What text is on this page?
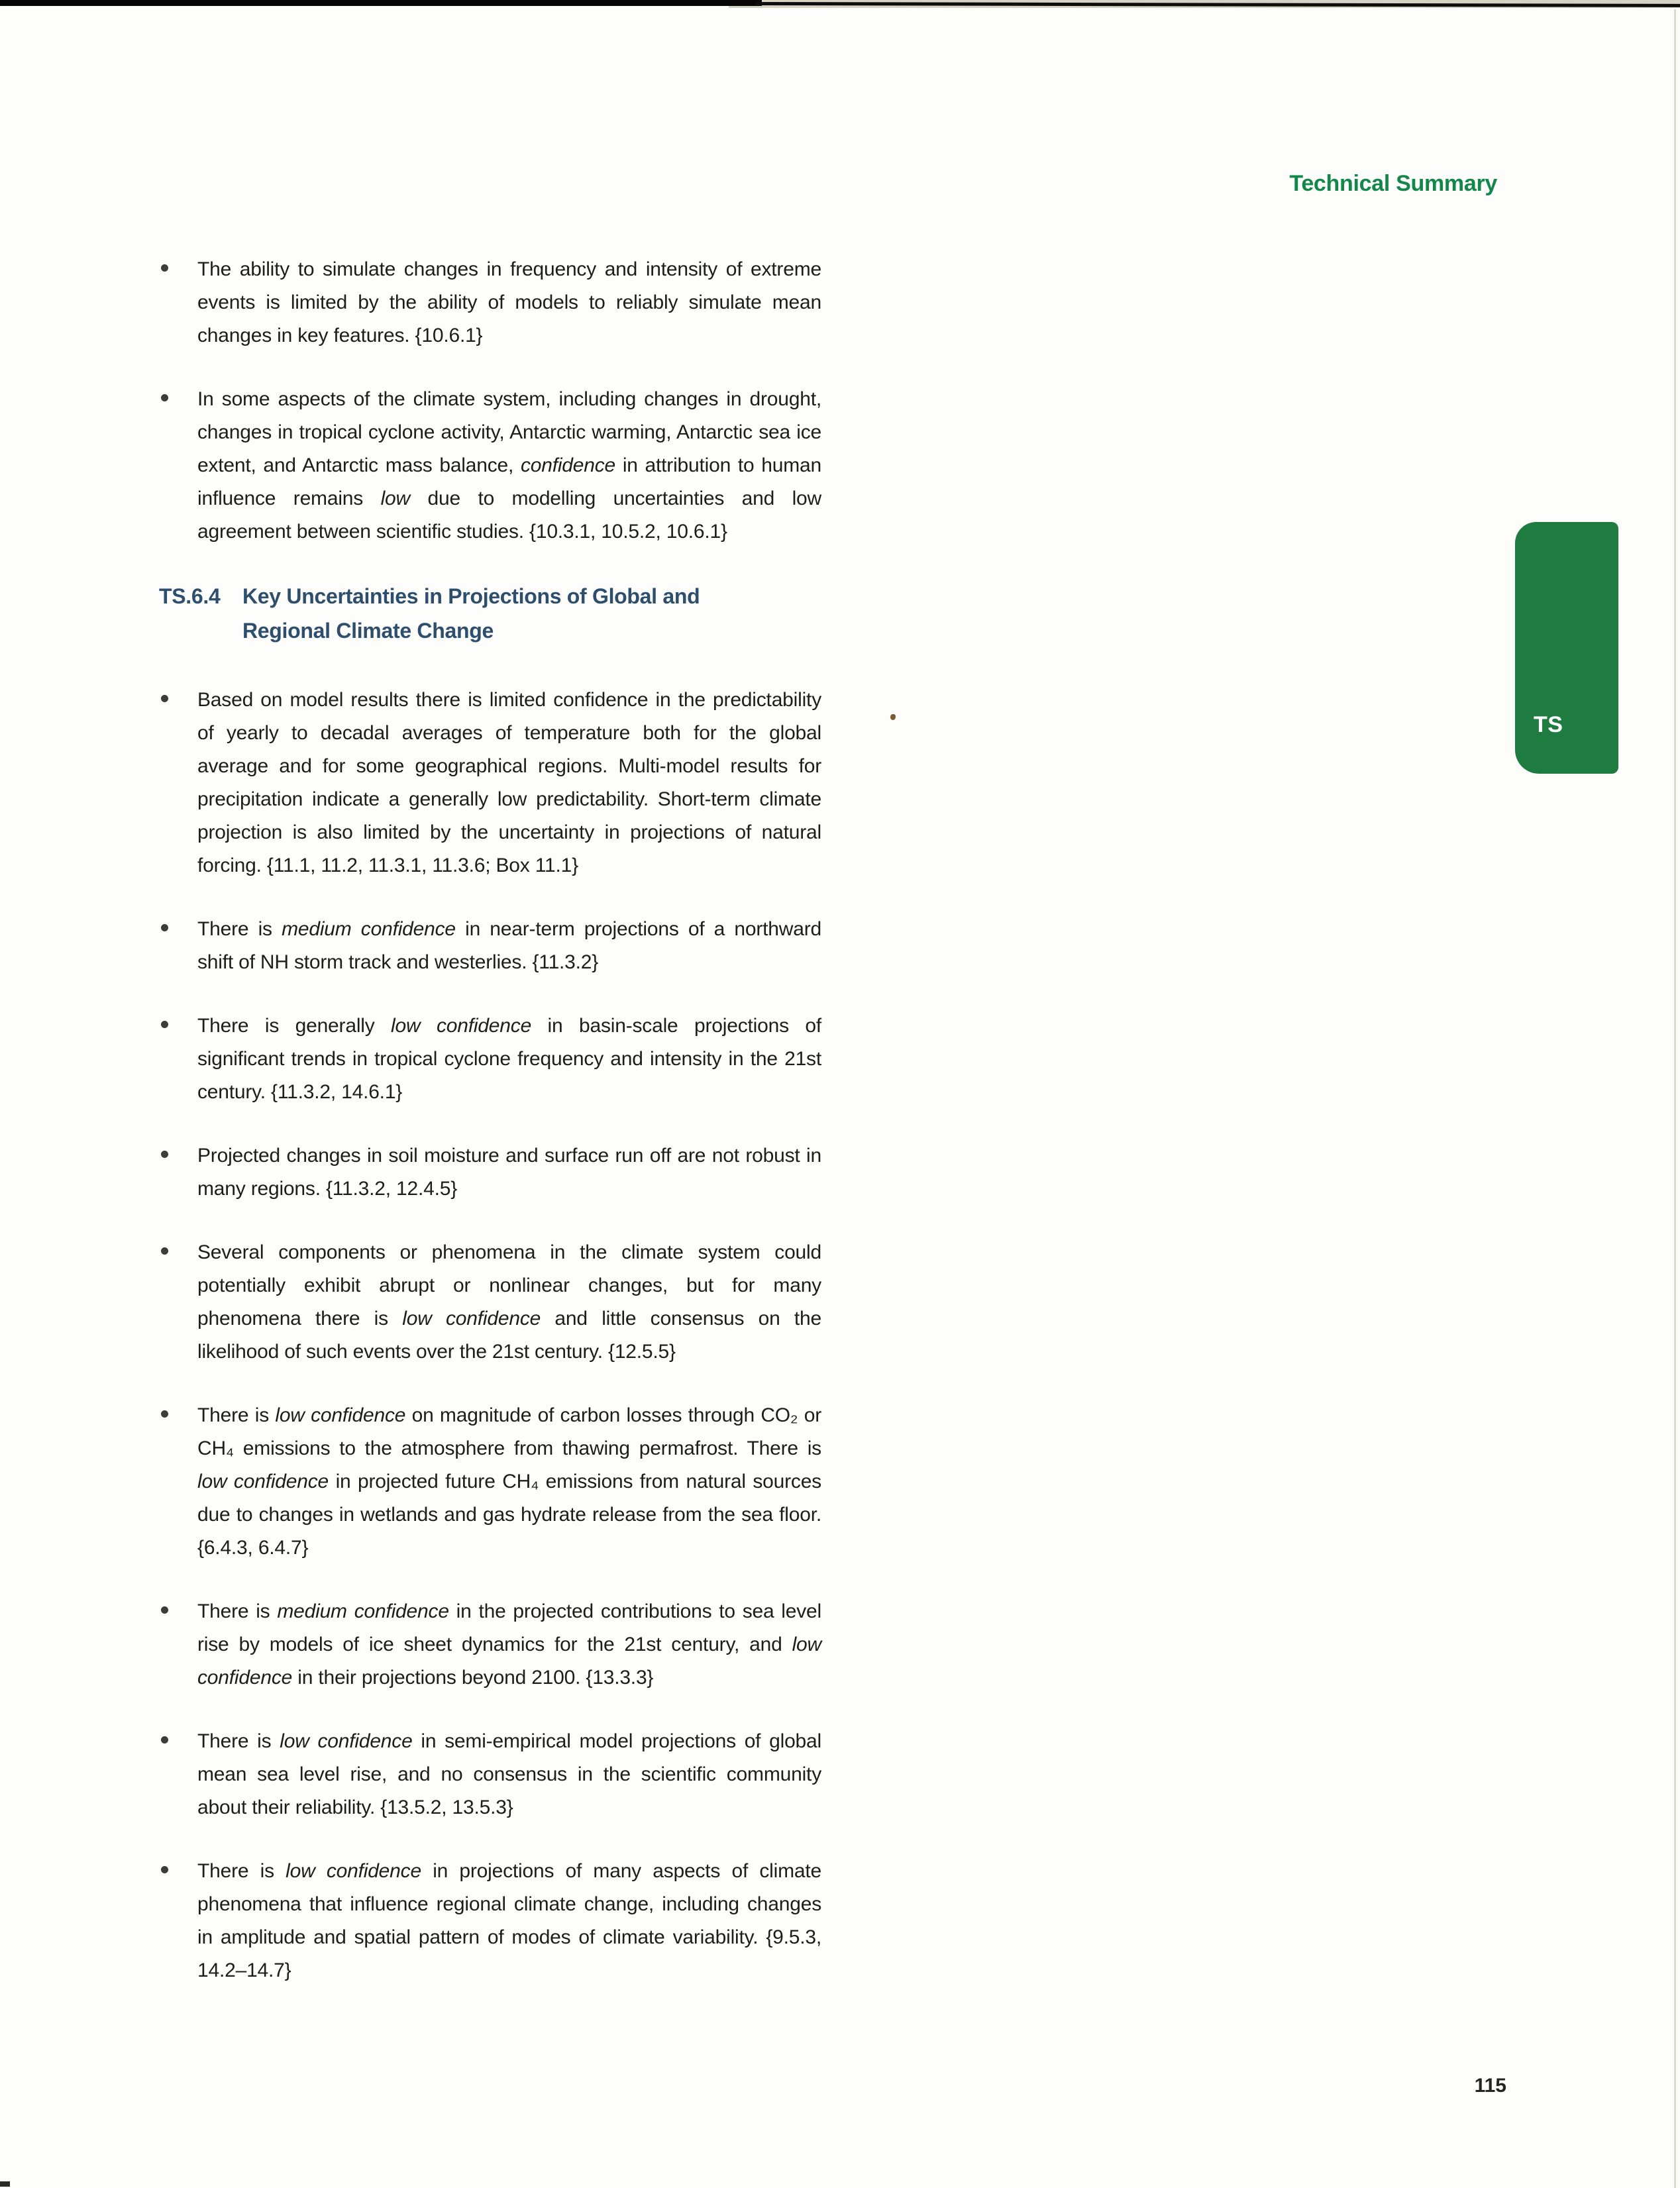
Technical Summary
TS

The ability to simulate changes in frequency and intensity of extreme events is limited by the ability of models to reliably simulate mean changes in key features. {10.6.1}

In some aspects of the climate system, including changes in drought, changes in tropical cyclone activity, Antarctic warming, Antarctic sea ice extent, and Antarctic mass balance, confidence in attribution to human influence remains low due to modelling uncertainties and low agreement between scientific studies. {10.3.1, 10.5.2, 10.6.1}

TS.6.4	Key Uncertainties in Projections of Global and
Regional Climate Change

Based on model results there is limited confidence in the predictability of yearly to decadal averages of temperature both for the global average and for some geographical regions. Multi-model results for precipitation indicate a generally low predictability. Short-term climate projection is also limited by the uncertainty in projections of natural forcing. {11.1, 11.2, 11.3.1, 11.3.6; Box 11.1}

There is medium confidence in near-term projections of a northward shift of NH storm track and westerlies. {11.3.2}

There is generally low confidence in basin-scale projections of significant trends in tropical cyclone frequency and intensity in the 21st century. {11.3.2, 14.6.1}

Projected changes in soil moisture and surface run off are not robust in many regions. {11.3.2, 12.4.5}

Several components or phenomena in the climate system could potentially exhibit abrupt or nonlinear changes, but for many phenomena there is low confidence and little consensus on the likelihood of such events over the 21st century. {12.5.5}

There is low confidence on magnitude of carbon losses through CO₂ or CH₄ emissions to the atmosphere from thawing permafrost. There is low confidence in projected future CH₄ emissions from natural sources due to changes in wetlands and gas hydrate release from the sea floor. {6.4.3, 6.4.7}

There is medium confidence in the projected contributions to sea level rise by models of ice sheet dynamics for the 21st century, and low confidence in their projections beyond 2100. {13.3.3}

There is low confidence in semi-empirical model projections of global mean sea level rise, and no consensus in the scientific community about their reliability. {13.5.2, 13.5.3}

There is low confidence in projections of many aspects of climate phenomena that influence regional climate change, including changes in amplitude and spatial pattern of modes of climate variability. {9.5.3, 14.2–14.7}

115
